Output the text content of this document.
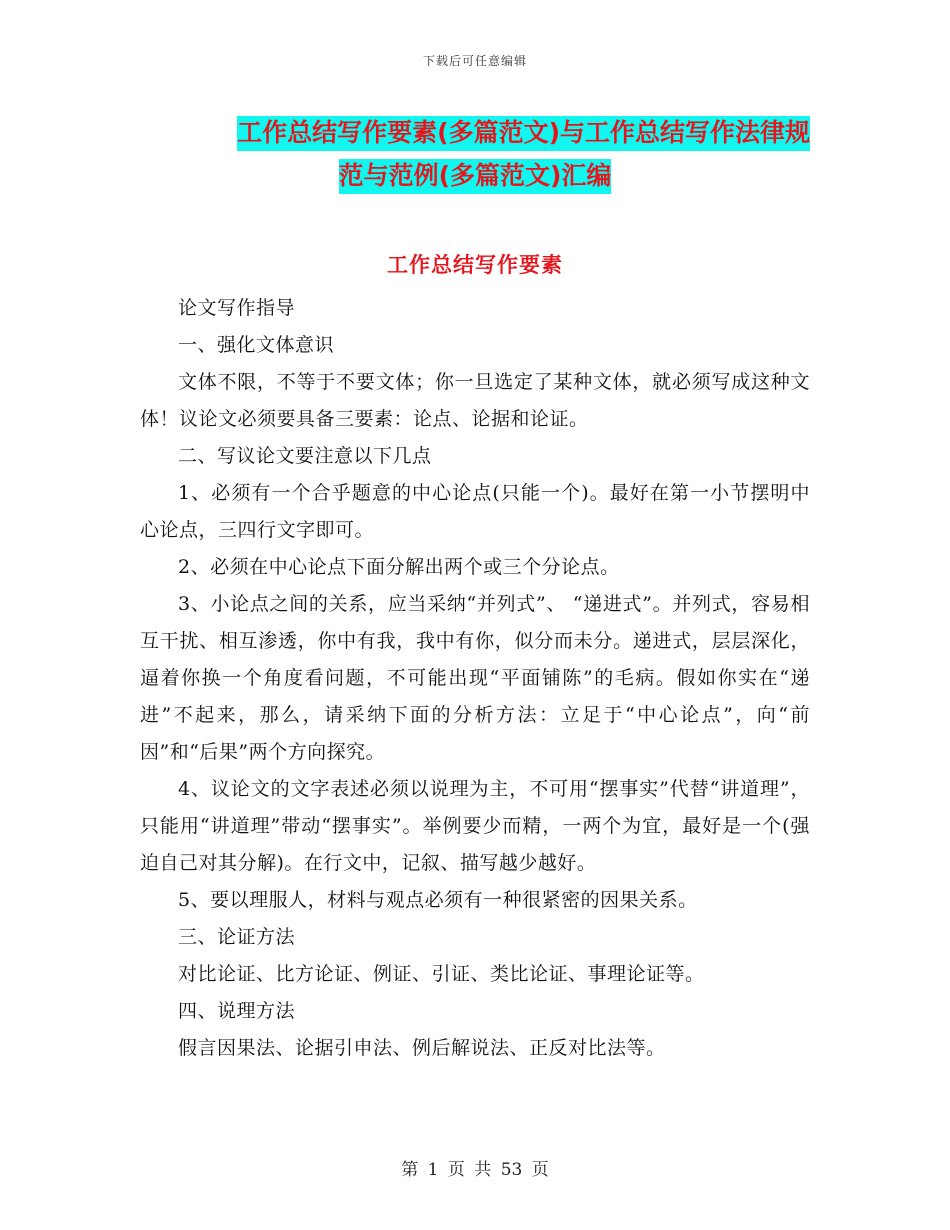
下载后可任意编辑
工作总结写作要素(多篇范文)与工作总结写作法律规
范与范例(多篇范文)汇编
工作总结写作要素

论文写作指导

一、强化文体意识

文体不限，不等于不要文体；你一旦选定了某种文体，就必须写成这种文体！议论文必须要具备三要素：论点、论据和论证。

二、写议论文要注意以下几点

1、必须有一个合乎题意的中心论点(只能一个)。最好在第一小节摆明中心论点，三四行文字即可。

2、必须在中心论点下面分解出两个或三个分论点。

3、小论点之间的关系，应当采纳“并列式”、 “递进式”。并列式，容易相互干扰、相互渗透，你中有我，我中有你，似分而未分。递进式，层层深化，逼着你换一个角度看问题，不可能出现“平面铺陈”的毛病。假如你实在“递进”不起来，那么，请采纳下面的分析方法：立足于“中心论点”，向“前因”和“后果”两个方向探究。

4、议论文的文字表述必须以说理为主，不可用“摆事实”代替“讲道理”，只能用“讲道理”带动“摆事实”。举例要少而精，一两个为宜，最好是一个(强迫自己对其分解)。在行文中，记叙、描写越少越好。

5、要以理服人，材料与观点必须有一种很紧密的因果关系。

三、论证方法

对比论证、比方论证、例证、引证、类比论证、事理论证等。

四、说理方法

假言因果法、论据引申法、例后解说法、正反对比法等。

第 1 页 共 53 页
